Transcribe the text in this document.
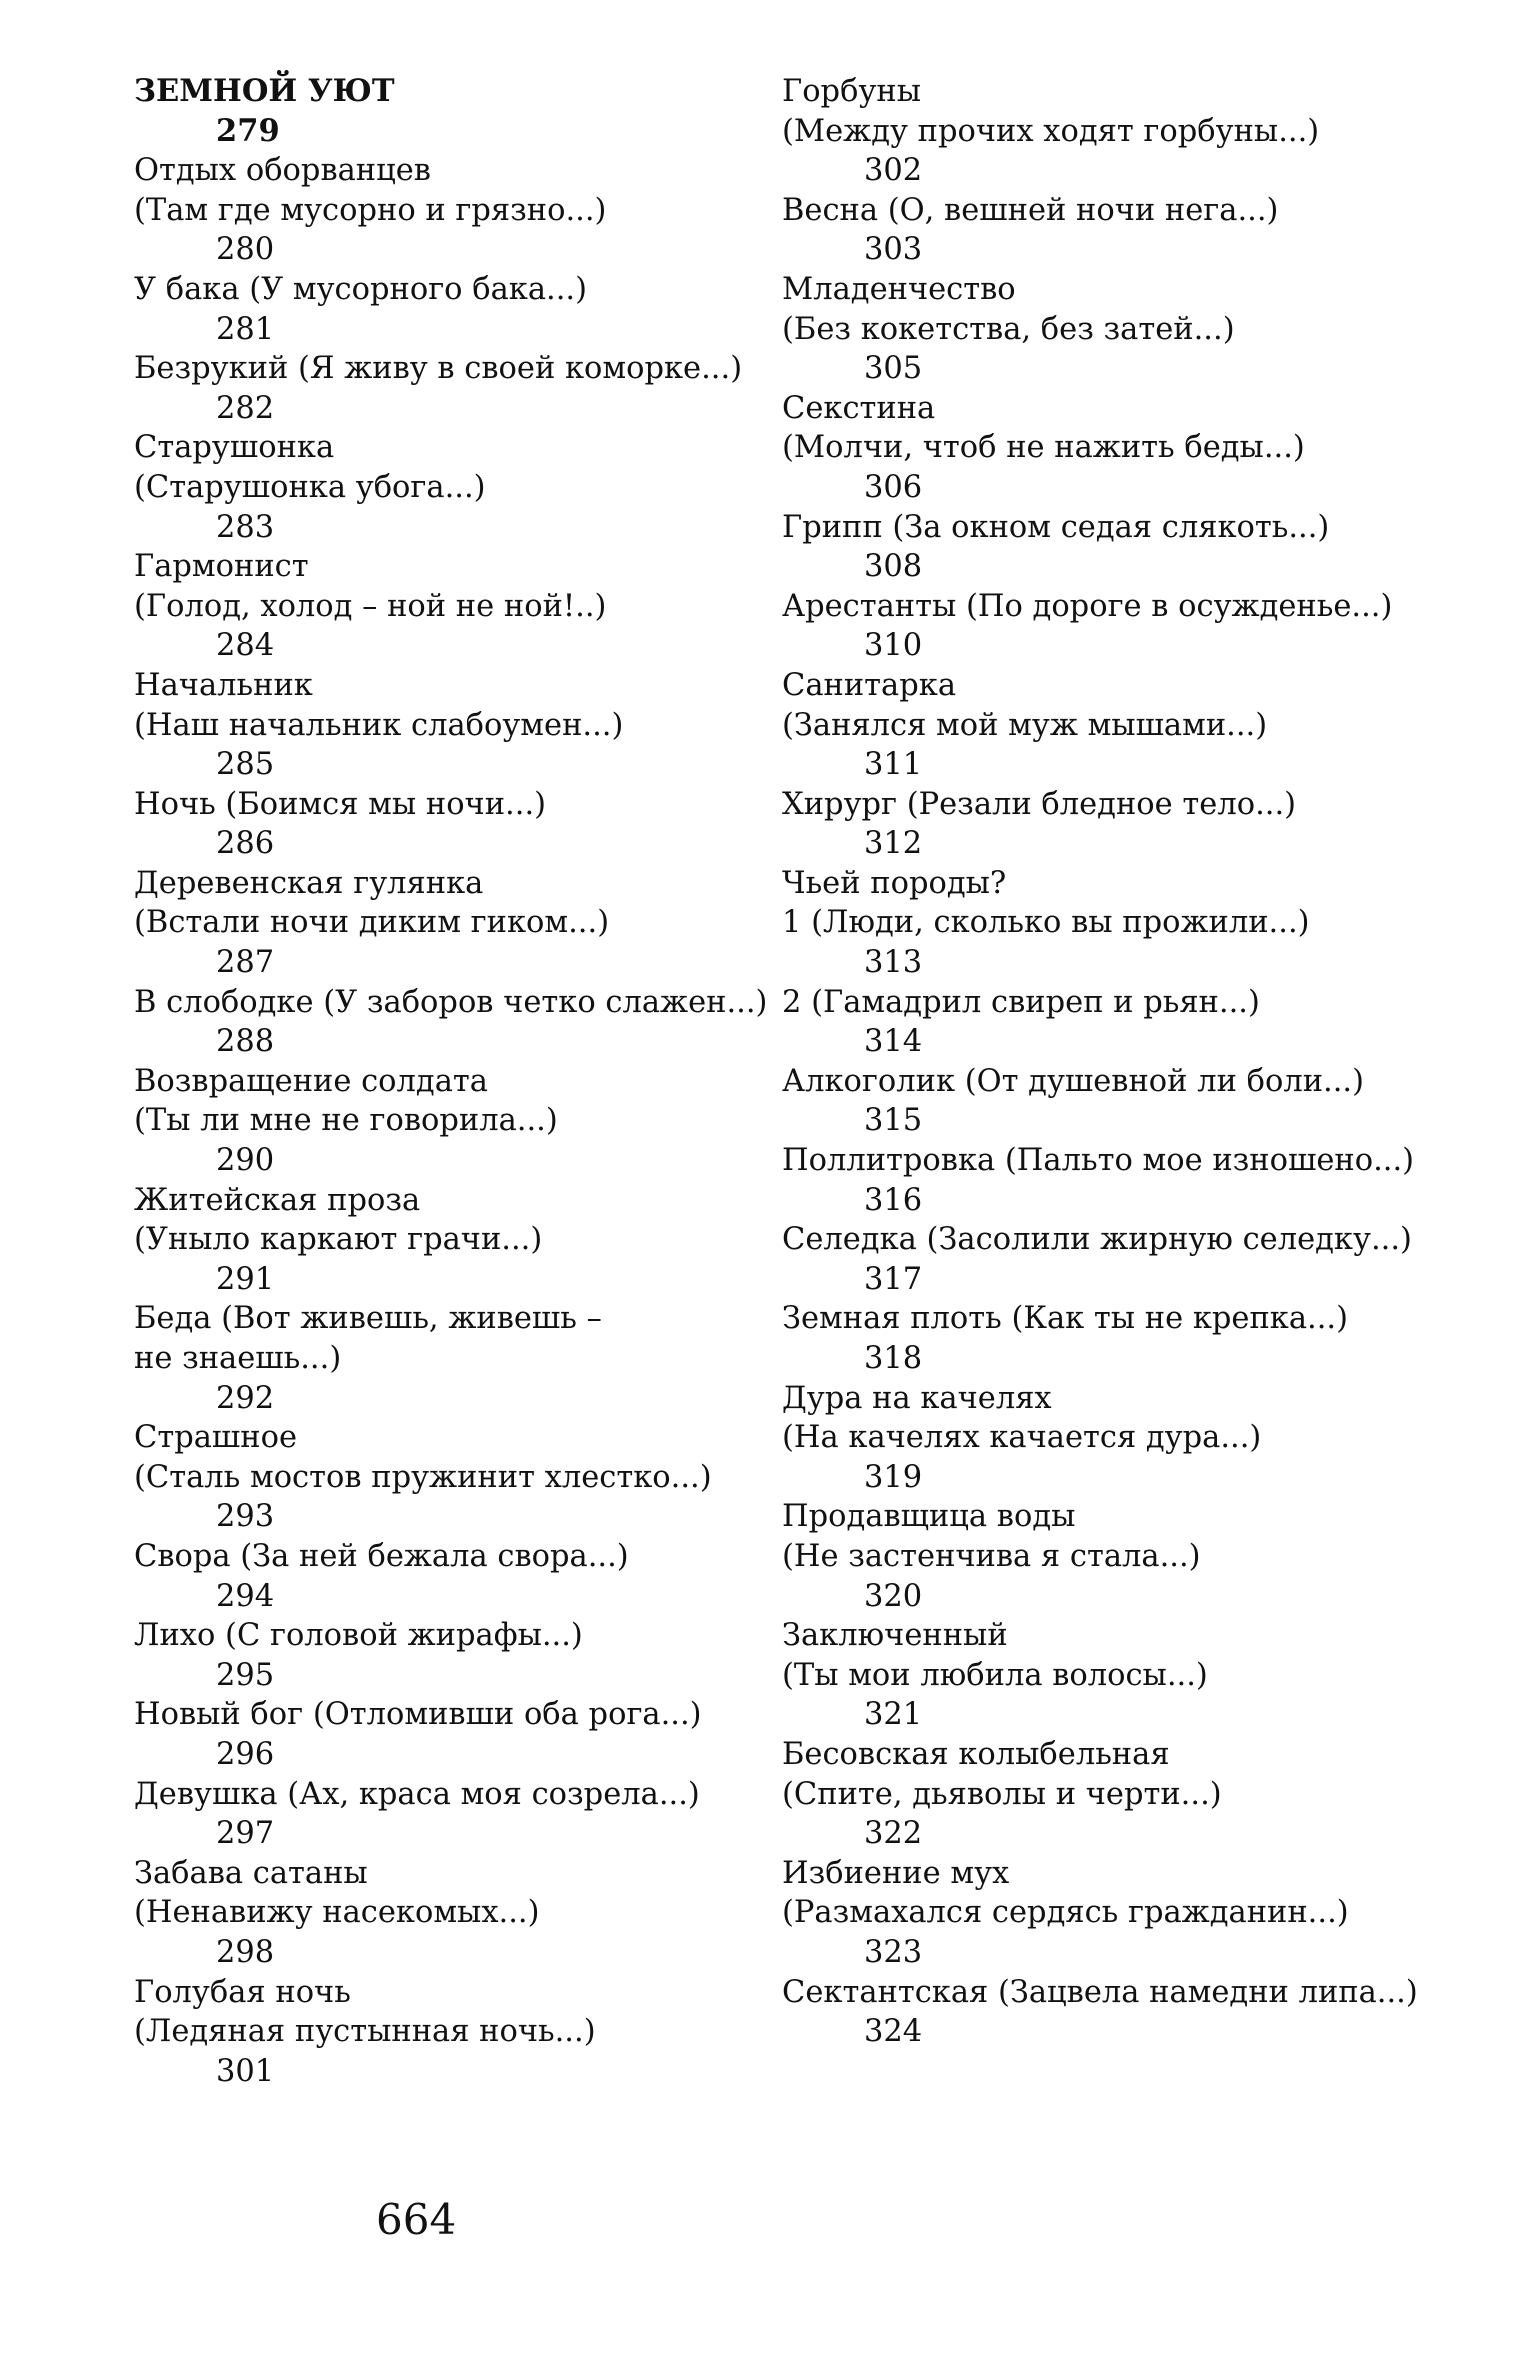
ЗЕМНОЙ УЮТ
279
Отдых оборванцев
(Там где мусорно и грязно...)
280
У бака (У мусорного бака...)
281
Безрукий (Я живу в своей коморке...)
282
Старушонка
(Старушонка убога...)
283
Гармонист
(Голод, холод – ной не ной!..)
284
Начальник
(Наш начальник слабоумен...)
285
Ночь (Боимся мы ночи...)
286
Деревенская гулянка
(Встали ночи диким гиком...)
287
В слободке (У заборов четко слажен...)
288
Возвращение солдата
(Ты ли мне не говорила...)
290
Житейская проза
(Уныло каркают грачи...)
291
Беда (Вот живешь, живешь –
не знаешь...)
292
Страшное
(Сталь мостов пружинит хлестко...)
293
Свора (За ней бежала свора...)
294
Лихо (С головой жирафы...)
295
Новый бог (Отломивши оба рога...)
296
Девушка (Ах, краса моя созрела...)
297
Забава сатаны
(Ненавижу насекомых...)
298
Голубая ночь
(Ледяная пустынная ночь...)
301
Горбуны
(Между прочих ходят горбуны...)
302
Весна (О, вешней ночи нега...)
303
Младенчество
(Без кокетства, без затей...)
305
Секстина
(Молчи, чтоб не нажить беды...)
306
Грипп (За окном седая слякоть...)
308
Арестанты (По дороге в осужденье...)
310
Санитарка
(Занялся мой муж мышами...)
311
Хирург (Резали бледное тело...)
312
Чьей породы?
1 (Люди, сколько вы прожили...)
313
2 (Гамадрил свиреп и рьян...)
314
Алкоголик (От душевной ли боли...)
315
Поллитровка (Пальто мое изношено...)
316
Селедка (Засолили жирную селедку...)
317
Земная плоть (Как ты не крепка...)
318
Дура на качелях
(На качелях качается дура...)
319
Продавщица воды
(Не застенчива я стала...)
320
Заключенный
(Ты мои любила волосы...)
321
Бесовская колыбельная
(Спите, дьяволы и черти...)
322
Избиение мух
(Размахался сердясь гражданин...)
323
Сектантская (Зацвела намедни липа...)
324
664
